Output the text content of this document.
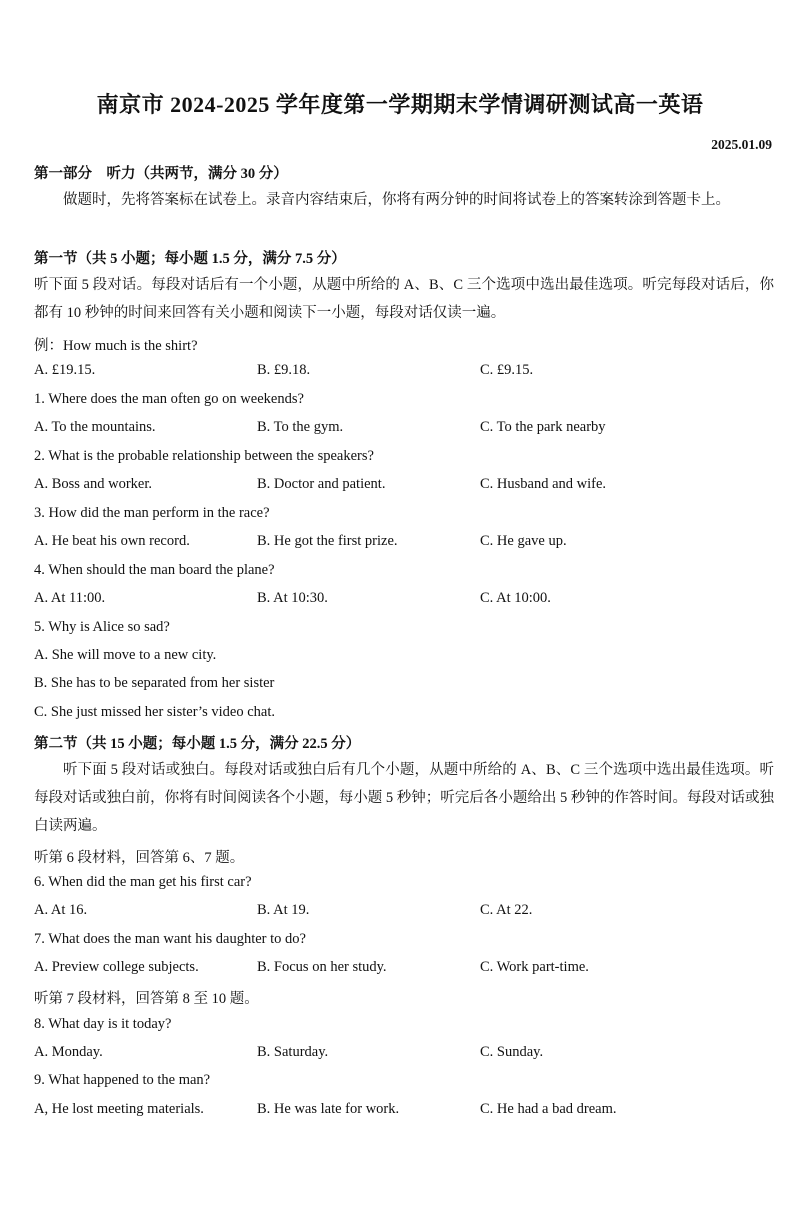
南京市 2024-2025 学年度第一学期期末学情调研测试高一英语
2025.01.09
第一部分　听力（共两节，满分 30 分）
做题时，先将答案标在试卷上。录音内容结束后，你将有两分钟的时间将试卷上的答案转涂到答题卡上。
第一节（共 5 小题；每小题 1.5 分，满分 7.5 分）
听下面 5 段对话。每段对话后有一个小题，从题中所给的 A、B、C 三个选项中选出最佳选项。听完每段对话后，你都有 10 秒钟的时间来回答有关小题和阅读下一小题，每段对话仅读一遍。
例：How much is the shirt?
A. £19.15.	B. £9.18.	C. £9.15.
1. Where does the man often go on weekends?
A. To the mountains.	B. To the gym.	C. To the park nearby
2. What is the probable relationship between the speakers?
A. Boss and worker.	B. Doctor and patient.	C. Husband and wife.
3. How did the man perform in the race?
A. He beat his own record.	B. He got the first prize.	C. He gave up.
4. When should the man board the plane?
A. At 11:00.	B. At 10:30.	C. At 10:00.
5. Why is Alice so sad?
A. She will move to a new city.
B. She has to be separated from her sister
C. She just missed her sister’s video chat.
第二节（共 15 小题；每小题 1.5 分，满分 22.5 分）
听下面 5 段对话或独白。每段对话或独白后有几个小题，从题中所给的 A、B、C 三个选项中选出最佳选项。听每段对话或独白前，你将有时间阅读各个小题，每小题 5 秒钟；听完后各小题给出 5 秒钟的作答时间。每段对话或独白读两遍。
听第 6 段材料，回答第 6、7 题。
6. When did the man get his first car?
A. At 16.	B. At 19.	C. At 22.
7. What does the man want his daughter to do?
A. Preview college subjects.	B. Focus on her study.	C. Work part-time.
听第 7 段材料，回答第 8 至 10 题。
8. What day is it today?
A. Monday.	B. Saturday.	C. Sunday.
9. What happened to the man?
A, He lost meeting materials.	B. He was late for work.	C. He had a bad dream.
